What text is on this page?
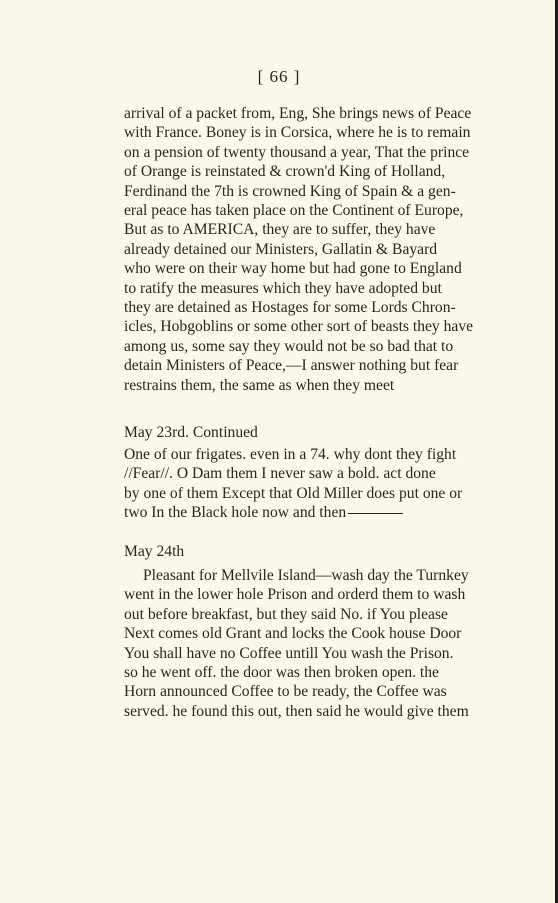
[ 66 ]

arrival of a packet from, Eng, She brings news of Peace

with France. Boney is in Corsica, where he is to remain

on a pension of twenty thousand a year, That the prince

of Orange is reinstated & crown'd King of Holland,

Ferdinand the 7th is crowned King of Spain & a gen-

eral peace has taken place on the Continent of Europe,

But as to AMERICA, they are to suffer, they have

already detained our Ministers, Gallatin & Bayard

who were on their way home but had gone to England

to ratify the measures which they have adopted but

they are detained as Hostages for some Lords Chron-

icles, Hobgoblins or some other sort of beasts they have

among us, some say they would not be so bad that to

detain Ministers of Peace,—I answer nothing but fear

restrains them, the same as when they meet

May 23rd. Continued

One of our frigates. even in a 74. why dont they fight

//Fear//. O Dam them I never saw a bold. act done

by one of them Except that Old Miller does put one or

two In the Black hole now and then

May 24th

Pleasant for Mellvile Island—wash day the Turnkey

went in the lower hole Prison and orderd them to wash

out before breakfast, but they said No. if You please

Next comes old Grant and locks the Cook house Door

You shall have no Coffee untill You wash the Prison.

so he went off. the door was then broken open. the

Horn announced Coffee to be ready, the Coffee was

served. he found this out, then said he would give them
